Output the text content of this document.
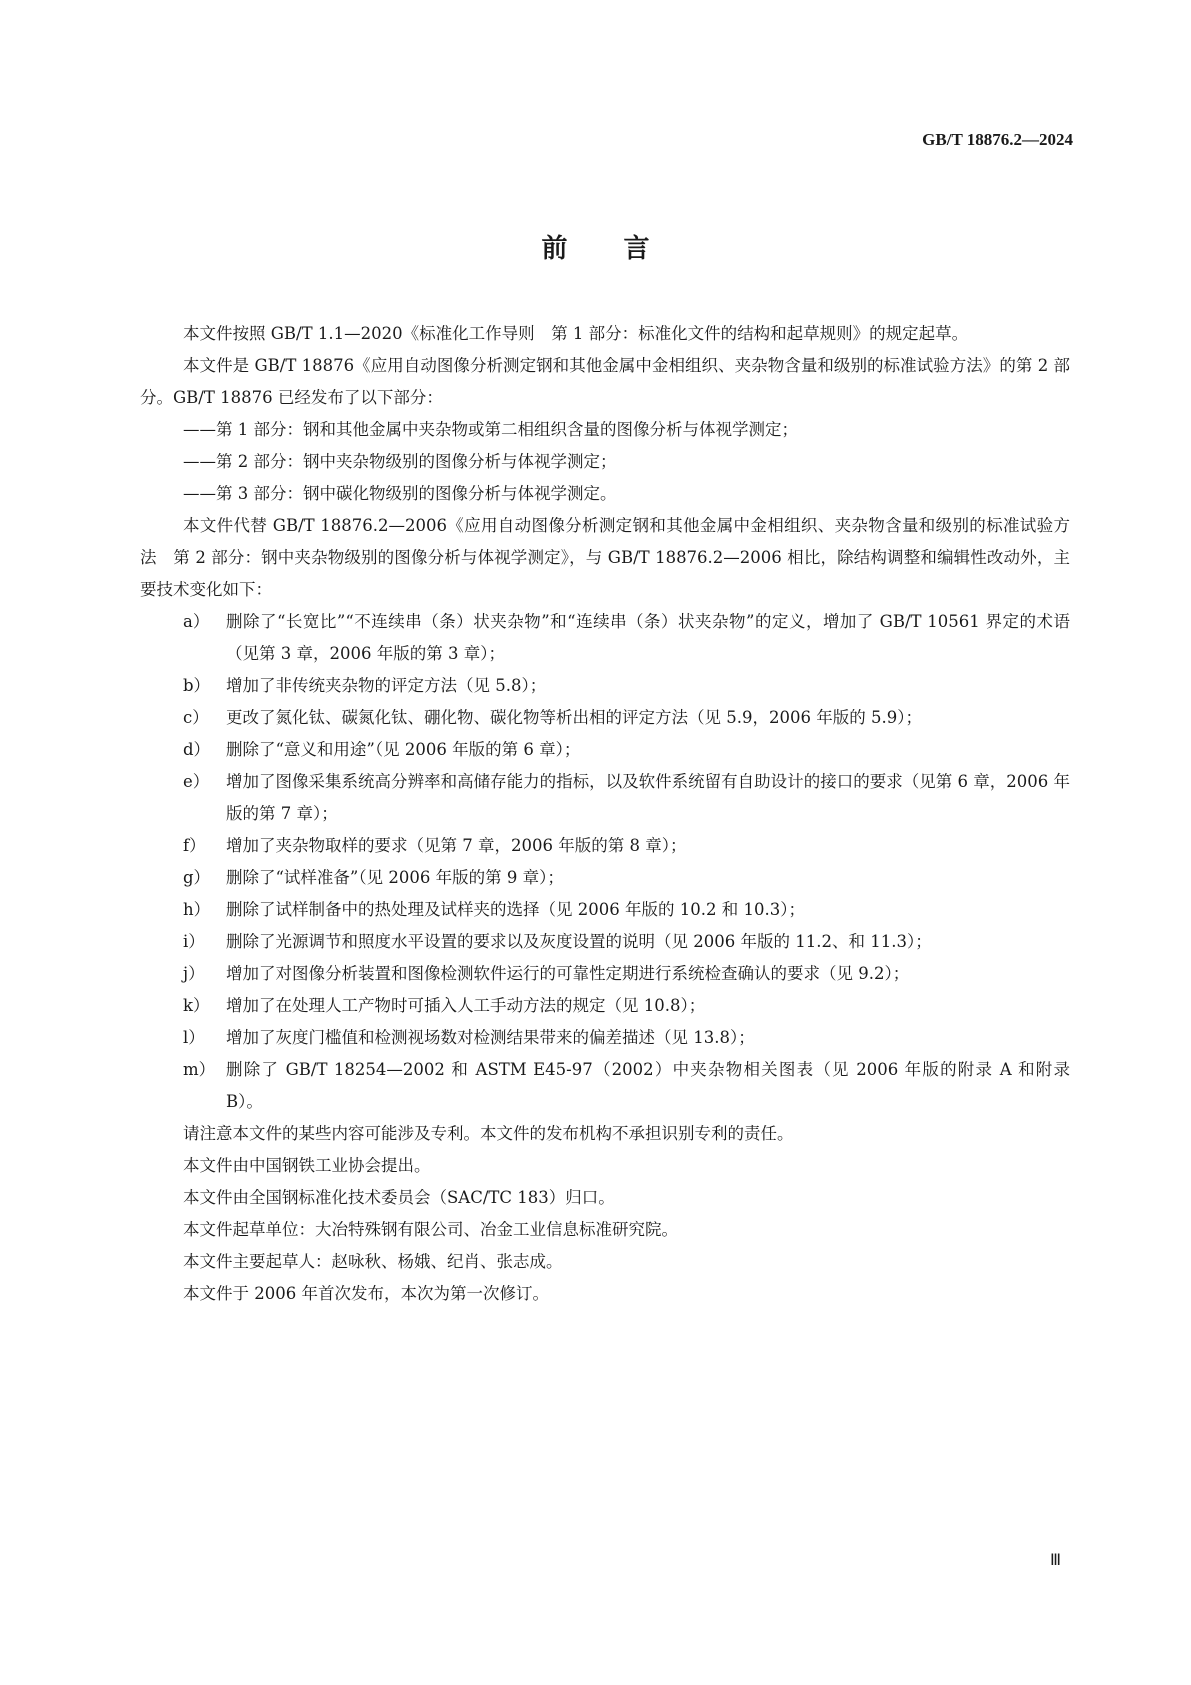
GB/T 18876.2—2024
前 言

本文件按照 GB/T 1.1—2020《标准化工作导则　第 1 部分：标准化文件的结构和起草规则》的规定起草。

本文件是 GB/T 18876《应用自动图像分析测定钢和其他金属中金相组织、夹杂物含量和级别的标准试验方法》的第 2 部分。GB/T 18876 已经发布了以下部分：

——第 1 部分：钢和其他金属中夹杂物或第二相组织含量的图像分析与体视学测定；

——第 2 部分：钢中夹杂物级别的图像分析与体视学测定；

——第 3 部分：钢中碳化物级别的图像分析与体视学测定。

本文件代替 GB/T 18876.2—2006《应用自动图像分析测定钢和其他金属中金相组织、夹杂物含量和级别的标准试验方法　第 2 部分：钢中夹杂物级别的图像分析与体视学测定》，与 GB/T 18876.2—2006 相比，除结构调整和编辑性改动外，主要技术变化如下：

a） 删除了“长宽比”“不连续串（条）状夹杂物”和“连续串（条）状夹杂物”的定义，增加了 GB/T 10561 界定的术语（见第 3 章，2006 年版的第 3 章）；
b） 增加了非传统夹杂物的评定方法（见 5.8）；
c） 更改了氮化钛、碳氮化钛、硼化物、碳化物等析出相的评定方法（见 5.9，2006 年版的 5.9）；
d） 删除了“意义和用途”（见 2006 年版的第 6 章）；
e） 增加了图像采集系统高分辨率和高储存能力的指标，以及软件系统留有自助设计的接口的要求（见第 6 章，2006 年版的第 7 章）；
f） 增加了夹杂物取样的要求（见第 7 章，2006 年版的第 8 章）；
g） 删除了“试样准备”（见 2006 年版的第 9 章）；
h） 删除了试样制备中的热处理及试样夹的选择（见 2006 年版的 10.2 和 10.3）；
i） 删除了光源调节和照度水平设置的要求以及灰度设置的说明（见 2006 年版的 11.2、和 11.3）；
j） 增加了对图像分析装置和图像检测软件运行的可靠性定期进行系统检查确认的要求（见 9.2）；
k） 增加了在处理人工产物时可插入人工手动方法的规定（见 10.8）；
l） 增加了灰度门槛值和检测视场数对检测结果带来的偏差描述（见 13.8）；
m） 删除了 GB/T 18254—2002 和 ASTM E45-97（2002）中夹杂物相关图表（见 2006 年版的附录 A 和附录 B）。

请注意本文件的某些内容可能涉及专利。本文件的发布机构不承担识别专利的责任。

本文件由中国钢铁工业协会提出。

本文件由全国钢标准化技术委员会（SAC/TC 183）归口。

本文件起草单位：大冶特殊钢有限公司、冶金工业信息标准研究院。

本文件主要起草人：赵咏秋、杨娥、纪肖、张志成。

本文件于 2006 年首次发布，本次为第一次修订。

Ⅲ
